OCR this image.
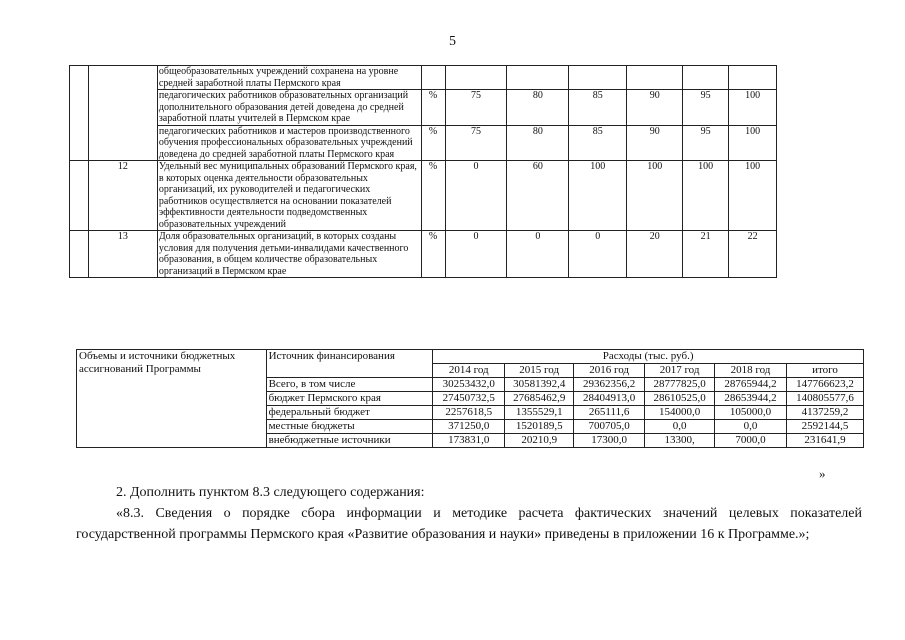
5
		общеобразовательных учреждений сохранена на уровне средней заработной платы Пермского края							
		педагогических работников образовательных организаций дополнительного образования детей доведена до средней заработной платы учителей в Пермском крае	%	75	80	85	90	95	100
		педагогических работников и мастеров производственного обучения профессиональных образовательных учреждений доведена до средней заработной платы Пермского края	%	75	80	85	90	95	100
	12	Удельный вес муниципальных образований Пермского края, в которых оценка деятельности образовательных организаций, их руководителей и педагогических работников осуществляется на основании показателей эффективности деятельности подведомственных образовательных учреждений	%	0	60	100	100	100	100
	13	Доля образовательных организаций, в которых созданы условия для получения детьми-инвалидами качественного образования, в общем количестве образовательных организаций в Пермском крае	%	0	0	0	20	21	22
Объемы и источники бюджетных ассигнований Программы	Источник финансирования	Расходы (тыс. руб.)					
		2014 год	2015 год	2016 год	2017 год	2018 год	итого
	Всего, в том числе	30253432,0	30581392,4	29362356,2	28777825,0	28765944,2	147766623,2
	бюджет Пермского края	27450732,5	27685462,9	28404913,0	28610525,0	28653944,2	140805577,6
	федеральный бюджет	2257618,5	1355529,1	265111,6	154000,0	105000,0	4137259,2
	местные бюджеты	371250,0	1520189,5	700705,0	0,0	0,0	2592144,5
	внебюджетные источники	173831,0	20210,9	17300,0	13300,	7000,0	231641,9
»
2. Дополнить пунктом 8.3 следующего содержания:
«8.3. Сведения о порядке сбора информации и методике расчета фактических значений целевых показателей государственной программы Пермского края «Развитие образования и науки» приведены в приложении 16 к Программе.»;
